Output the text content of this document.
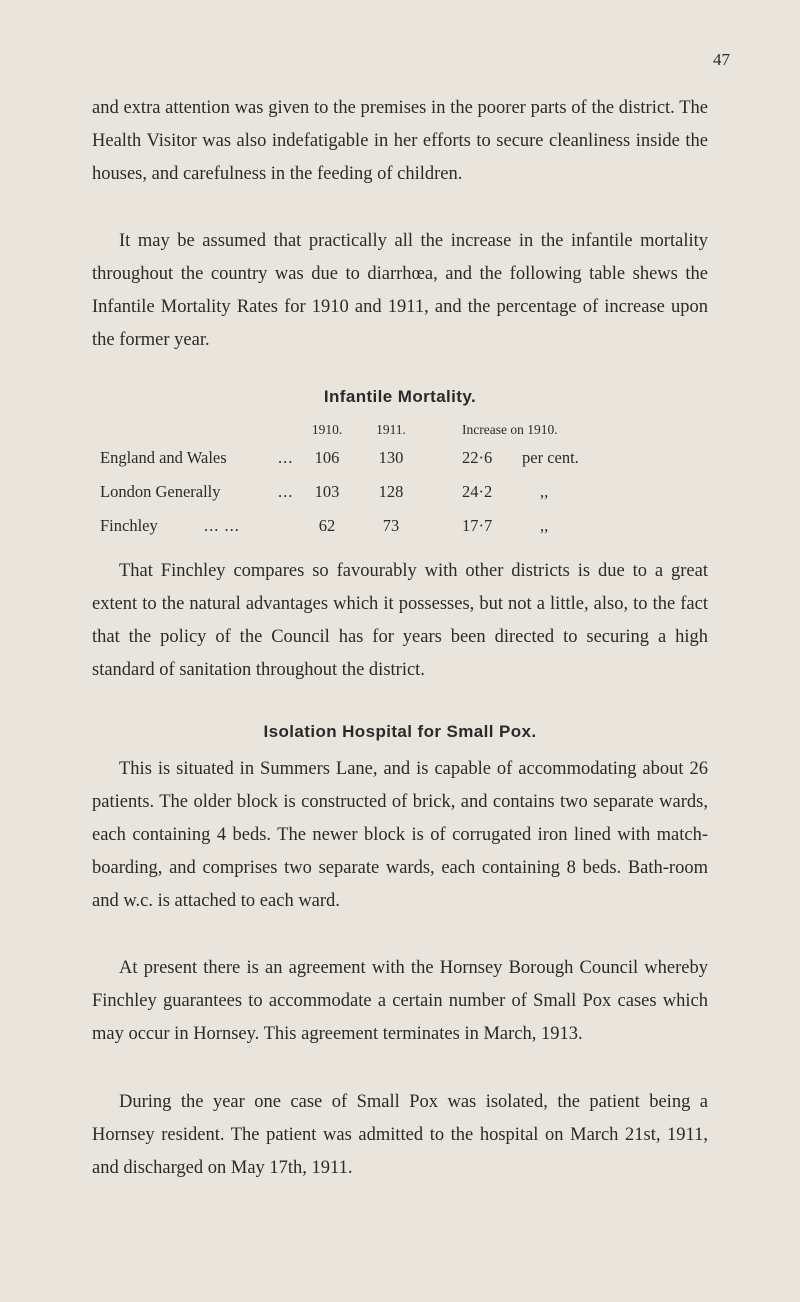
47

and extra attention was given to the premises in the poorer parts of the district. The Health Visitor was also indefatigable in her efforts to secure cleanliness inside the houses, and carefulness in the feeding of children.

It may be assumed that practically all the increase in the infantile mortality throughout the country was due to diarrhœa, and the following table shews the Infantile Mortality Rates for 1910 and 1911, and the percentage of increase upon the former year.

Infantile Mortality.

1910.	1911.	Increase on 1910.
England and Wales	...	106	130	22·6 per cent.
London Generally	...	103	128	24·2	,,
Finchley	... ...	62	73	17·7	,,

That Finchley compares so favourably with other districts is due to a great extent to the natural advantages which it possesses, but not a little, also, to the fact that the policy of the Council has for years been directed to securing a high standard of sanitation throughout the district.

Isolation Hospital for Small Pox.

This is situated in Summers Lane, and is capable of accommodating about 26 patients. The older block is constructed of brick, and contains two separate wards, each containing 4 beds. The newer block is of corrugated iron lined with match-boarding, and comprises two separate wards, each containing 8 beds. Bath-room and w.c. is attached to each ward.

At present there is an agreement with the Hornsey Borough Council whereby Finchley guarantees to accommodate a certain number of Small Pox cases which may occur in Hornsey. This agreement terminates in March, 1913.

During the year one case of Small Pox was isolated, the patient being a Hornsey resident. The patient was admitted to the hospital on March 21st, 1911, and discharged on May 17th, 1911.
